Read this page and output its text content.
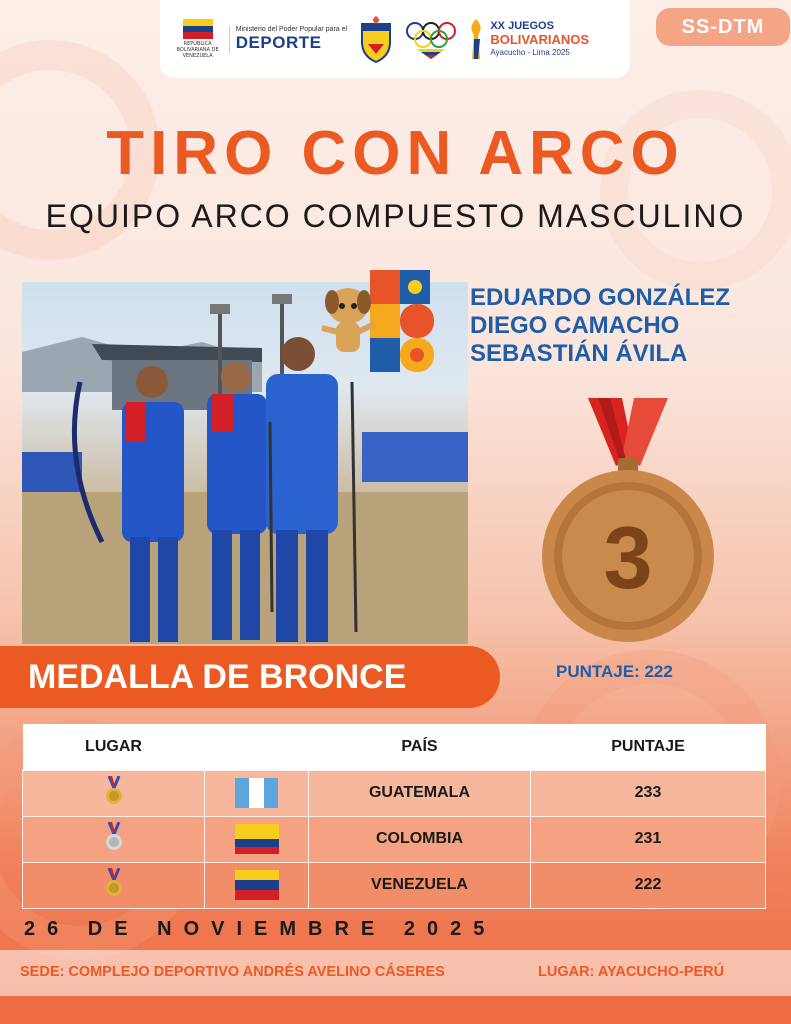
REPÚBLICA BOLIVARIANA DE VENEZUELA
Ministerio del Poder Popular para el
DEPORTE
XX JUEGOS
BOLIVARIANOS
Ayacucho - Lima 2025
SS-DTM
TIRO CON ARCO
EQUIPO ARCO COMPUESTO MASCULINO
EDUARDO GONZÁLEZ
DIEGO CAMACHO
SEBASTIÁN ÁVILA
3
MEDALLA DE BRONCE	PUNTAJE: 222
LUGAR		PAÍS	PUNTAJE

	GUATEMALA	233

	COLOMBIA	231

	VENEZUELA	222
26 DE NOVIEMBRE 2025
SEDE: COMPLEJO DEPORTIVO ANDRÉS AVELINO CÁSERES	LUGAR: AYACUCHO-PERÚ
